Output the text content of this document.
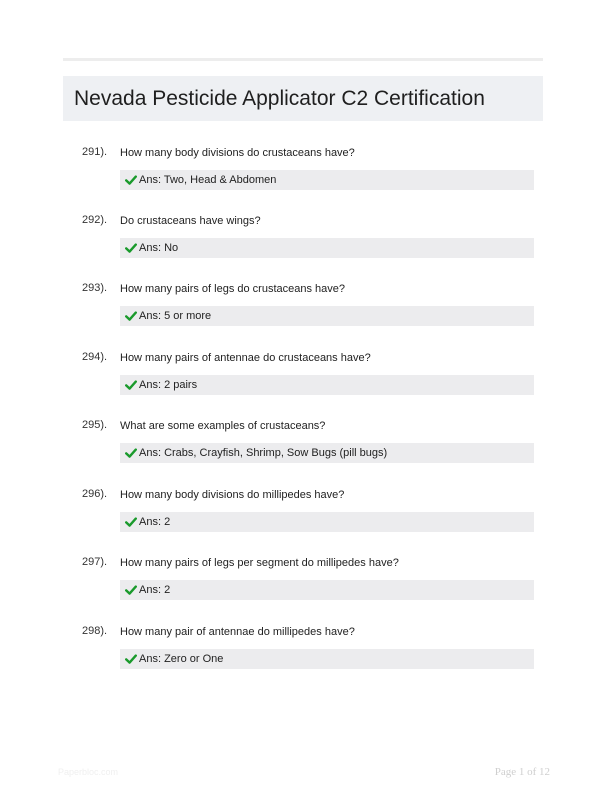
Nevada Pesticide Applicator C2 Certification
291). How many body divisions do crustaceans have?
Ans: Two, Head & Abdomen
292). Do crustaceans have wings?
Ans: No
293). How many pairs of legs do crustaceans have?
Ans: 5 or more
294). How many pairs of antennae do crustaceans have?
Ans: 2 pairs
295). What are some examples of crustaceans?
Ans: Crabs, Crayfish, Shrimp, Sow Bugs (pill bugs)
296). How many body divisions do millipedes have?
Ans: 2
297). How many pairs of legs per segment do millipedes have?
Ans: 2
298). How many pair of antennae do millipedes have?
Ans: Zero or One
Paperbloc.com	Page 1 of 12
